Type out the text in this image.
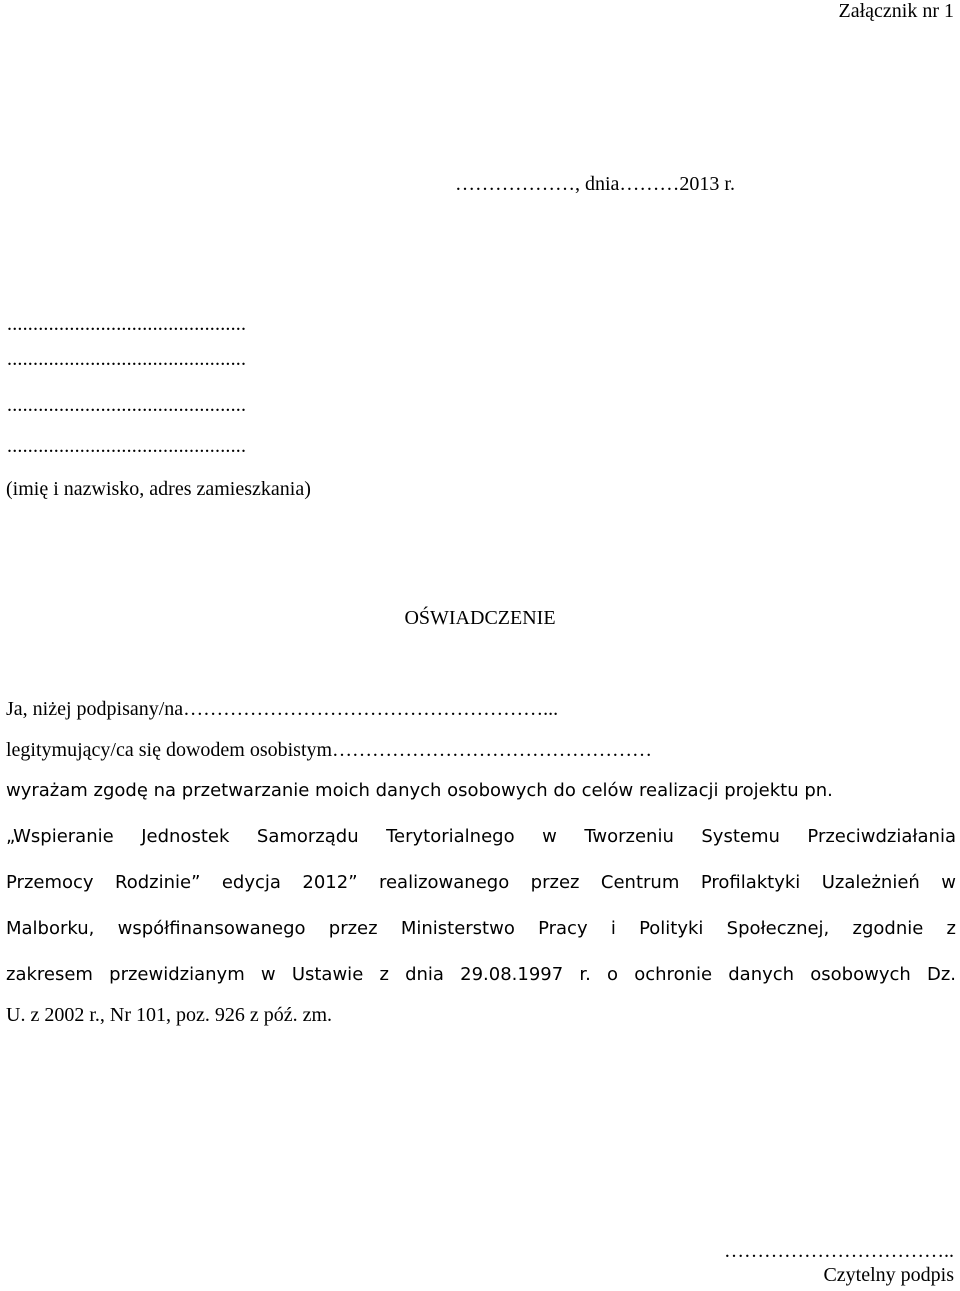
Załącznik nr 1
………………, dnia………2013 r.
..............................................
..............................................
..............................................
..............................................
(imię i nazwisko, adres zamieszkania)
OŚWIADCZENIE
Ja, niżej podpisany/na………………………………………………...
legitymujący/ca się dowodem osobistym…………………………………………
wyrażam zgodę na przetwarzanie moich danych osobowych do celów realizacji projektu pn.
„Wspieranie Jednostek Samorządu Terytorialnego w Tworzeniu Systemu Przeciwdziałania
Przemocy Rodzinie” edycja 2012” realizowanego przez Centrum Profilaktyki Uzależnień w
Malborku, współfinansowanego przez Ministerstwo Pracy i Polityki Społecznej, zgodnie z
zakresem przewidzianym w Ustawie z dnia 29.08.1997 r. o ochronie danych osobowych Dz.
U. z 2002 r., Nr 101, poz. 926 z póź. zm.
……………………………..
Czytelny podpis
